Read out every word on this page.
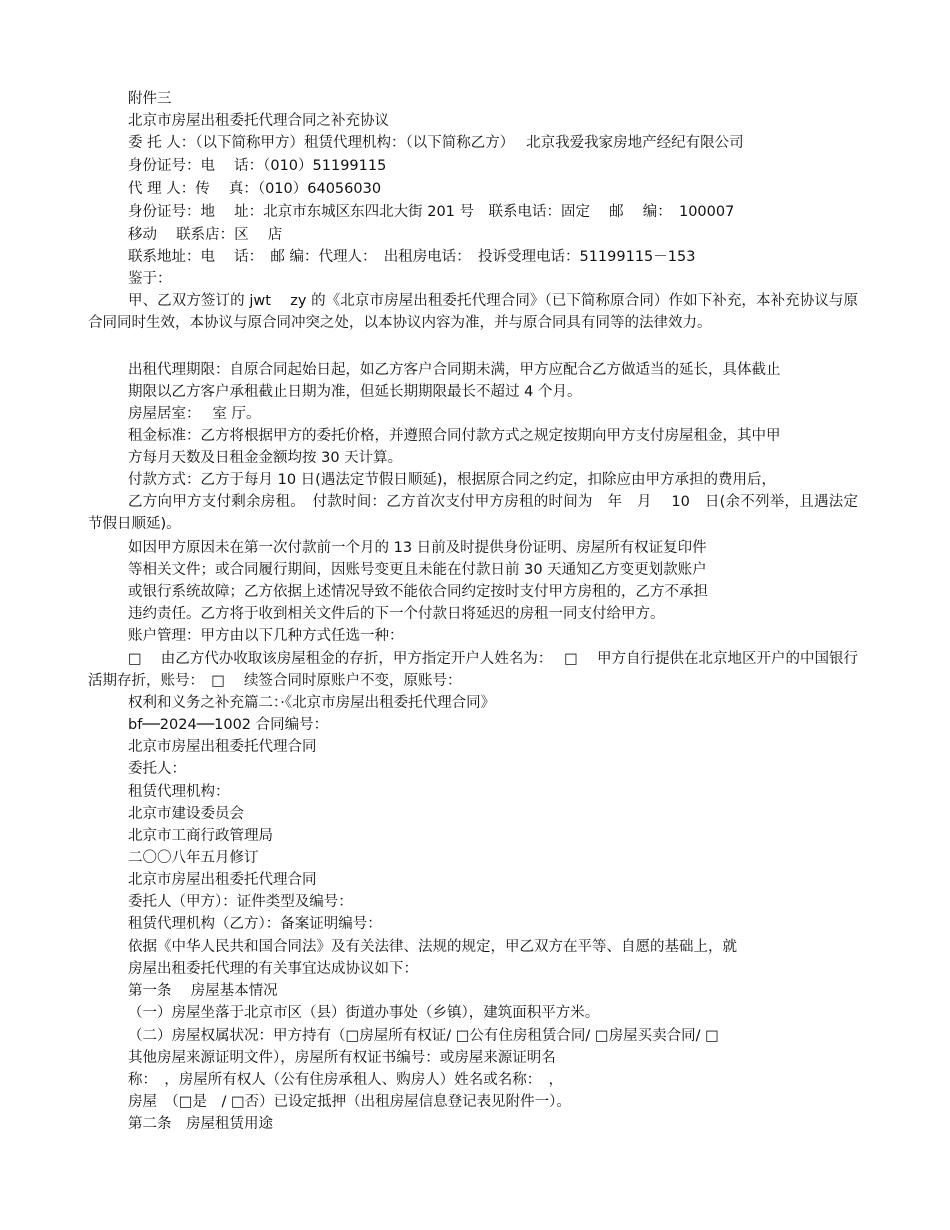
附件三
北京市房屋出租委托代理合同之补充协议
委 托 人：（以下简称甲方）租赁代理机构：（以下简称乙方）　 北京我爱我家房地产经纪有限公司
身份证号：电　 话：（010）51199115
代 理 人：传　 真：（010）64056030
身份证号：地　 址：北京市东城区东四北大街 201 号　联系电话：固定　 邮　 编：　100007
移动　 联系店：区　 店
联系地址：电　 话：　邮 编：代理人：　出租房电话：　投诉受理电话：51199115－153
鉴于：
甲、乙双方签订的 jwt　 zy 的《北京市房屋出租委托代理合同》（已下简称原合同）作如下补充，本补充协议与原合同同时生效，本协议与原合同冲突之处，以本协议内容为准，并与原合同具有同等的法律效力。
出租代理期限：自原合同起始日起，如乙方客户合同期未满，甲方应配合乙方做适当的延长，具体截止
期限以乙方客户承租截止日期为准，但延长期期限最长不超过 4 个月。
房屋居室：　 室 厅。
租金标准：乙方将根据甲方的委托价格，并遵照合同付款方式之规定按期向甲方支付房屋租金，其中甲
方每月天数及日租金金额均按 30 天计算。
付款方式：乙方于每月 10 日(遇法定节假日顺延)，根据原合同之约定，扣除应由甲方承担的费用后，
乙方向甲方支付剩余房租。　付款时间：乙方首次支付甲方房租的时间为　年　月　 10　日(余不列举，且遇法定节假日顺延)。
如因甲方原因未在第一次付款前一个月的 13 日前及时提供身份证明、房屋所有权证复印件
等相关文件；或合同履行期间，因账号变更且未能在付款日前 30 天通知乙方变更划款账户
或银行系统故障；乙方依据上述情况导致不能依合同约定按时支付甲方房租的，乙方不承担
违约责任。乙方将于收到相关文件后的下一个付款日将延迟的房租一同支付给甲方。
账户管理：甲方由以下几种方式任选一种：
□　 由乙方代办收取该房屋租金的存折，甲方指定开户人姓名为：　 □　 甲方自行提供在北京地区开户的中国银行活期存折，账号：　□　 续签合同时原账户不变，原账号：
权利和义务之补充篇二：·《北京市房屋出租委托代理合同》
bf──2024──1002 合同编号：
北京市房屋出租委托代理合同
委托人：
租赁代理机构：
北京市建设委员会
北京市工商行政管理局
二〇〇八年五月修订
北京市房屋出租委托代理合同
委托人（甲方）：证件类型及编号：
租赁代理机构（乙方）：备案证明编号：
依据《中华人民共和国合同法》及有关法律、法规的规定，甲乙双方在平等、自愿的基础上，就
房屋出租委托代理的有关事宜达成协议如下：
第一条　 房屋基本情况
（一）房屋坐落于北京市区（县）街道办事处（乡镇），建筑面积平方米。
（二）房屋权属状况：甲方持有（□房屋所有权证/ □公有住房租赁合同/ □房屋买卖合同/ □
其他房屋来源证明文件），房屋所有权证书编号：或房屋来源证明名
称：　，房屋所有权人（公有住房承租人、购房人）姓名或名称：　，
房屋　（□是　/ □否）已设定抵押（出租房屋信息登记表见附件一）。
第二条　房屋租赁用途
